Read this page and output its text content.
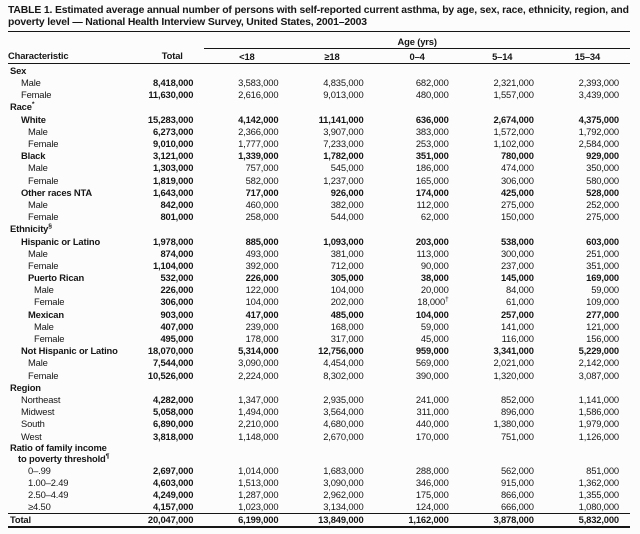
TABLE 1. Estimated average annual number of persons with self-reported current asthma, by age, sex, race, ethnicity, region, and poverty level — National Health Interview Survey, United States, 2001–2003
		Age (yrs)				
Characteristic	Total	<18	≥18	0–4	5–14	15–34
Sex						
Male	8,418,000	3,583,000	4,835,000	682,000	2,321,000	2,393,000
Female	11,630,000	2,616,000	9,013,000	480,000	1,557,000	3,439,000
Race*						
White	15,283,000	4,142,000	11,141,000	636,000	2,674,000	4,375,000
Male	6,273,000	2,366,000	3,907,000	383,000	1,572,000	1,792,000
Female	9,010,000	1,777,000	7,233,000	253,000	1,102,000	2,584,000
Black	3,121,000	1,339,000	1,782,000	351,000	780,000	929,000
Male	1,303,000	757,000	545,000	186,000	474,000	350,000
Female	1,819,000	582,000	1,237,000	165,000	306,000	580,000
Other races NTA	1,643,000	717,000	926,000	174,000	425,000	528,000
Male	842,000	460,000	382,000	112,000	275,000	252,000
Female	801,000	258,000	544,000	62,000	150,000	275,000
Ethnicity§						
Hispanic or Latino	1,978,000	885,000	1,093,000	203,000	538,000	603,000
Male	874,000	493,000	381,000	113,000	300,000	251,000
Female	1,104,000	392,000	712,000	90,000	237,000	351,000
Puerto Rican	532,000	226,000	305,000	38,000	145,000	169,000
Male	226,000	122,000	104,000	20,000	84,000	59,000
Female	306,000	104,000	202,000	18,000†	61,000	109,000
Mexican	903,000	417,000	485,000	104,000	257,000	277,000
Male	407,000	239,000	168,000	59,000	141,000	121,000
Female	495,000	178,000	317,000	45,000	116,000	156,000
Not Hispanic or Latino	18,070,000	5,314,000	12,756,000	959,000	3,341,000	5,229,000
Male	7,544,000	3,090,000	4,454,000	569,000	2,021,000	2,142,000
Female	10,526,000	2,224,000	8,302,000	390,000	1,320,000	3,087,000
Region						
Northeast	4,282,000	1,347,000	2,935,000	241,000	852,000	1,141,000
Midwest	5,058,000	1,494,000	3,564,000	311,000	896,000	1,586,000
South	6,890,000	2,210,000	4,680,000	440,000	1,380,000	1,979,000
West	3,818,000	1,148,000	2,670,000	170,000	751,000	1,126,000
Ratio of family income
to poverty threshold¶						
0–.99	2,697,000	1,014,000	1,683,000	288,000	562,000	851,000
1.00–2.49	4,603,000	1,513,000	3,090,000	346,000	915,000	1,362,000
2.50–4.49	4,249,000	1,287,000	2,962,000	175,000	866,000	1,355,000
≥4.50	4,157,000	1,023,000	3,134,000	124,000	666,000	1,080,000
Total	20,047,000	6,199,000	13,849,000	1,162,000	3,878,000	5,832,000
